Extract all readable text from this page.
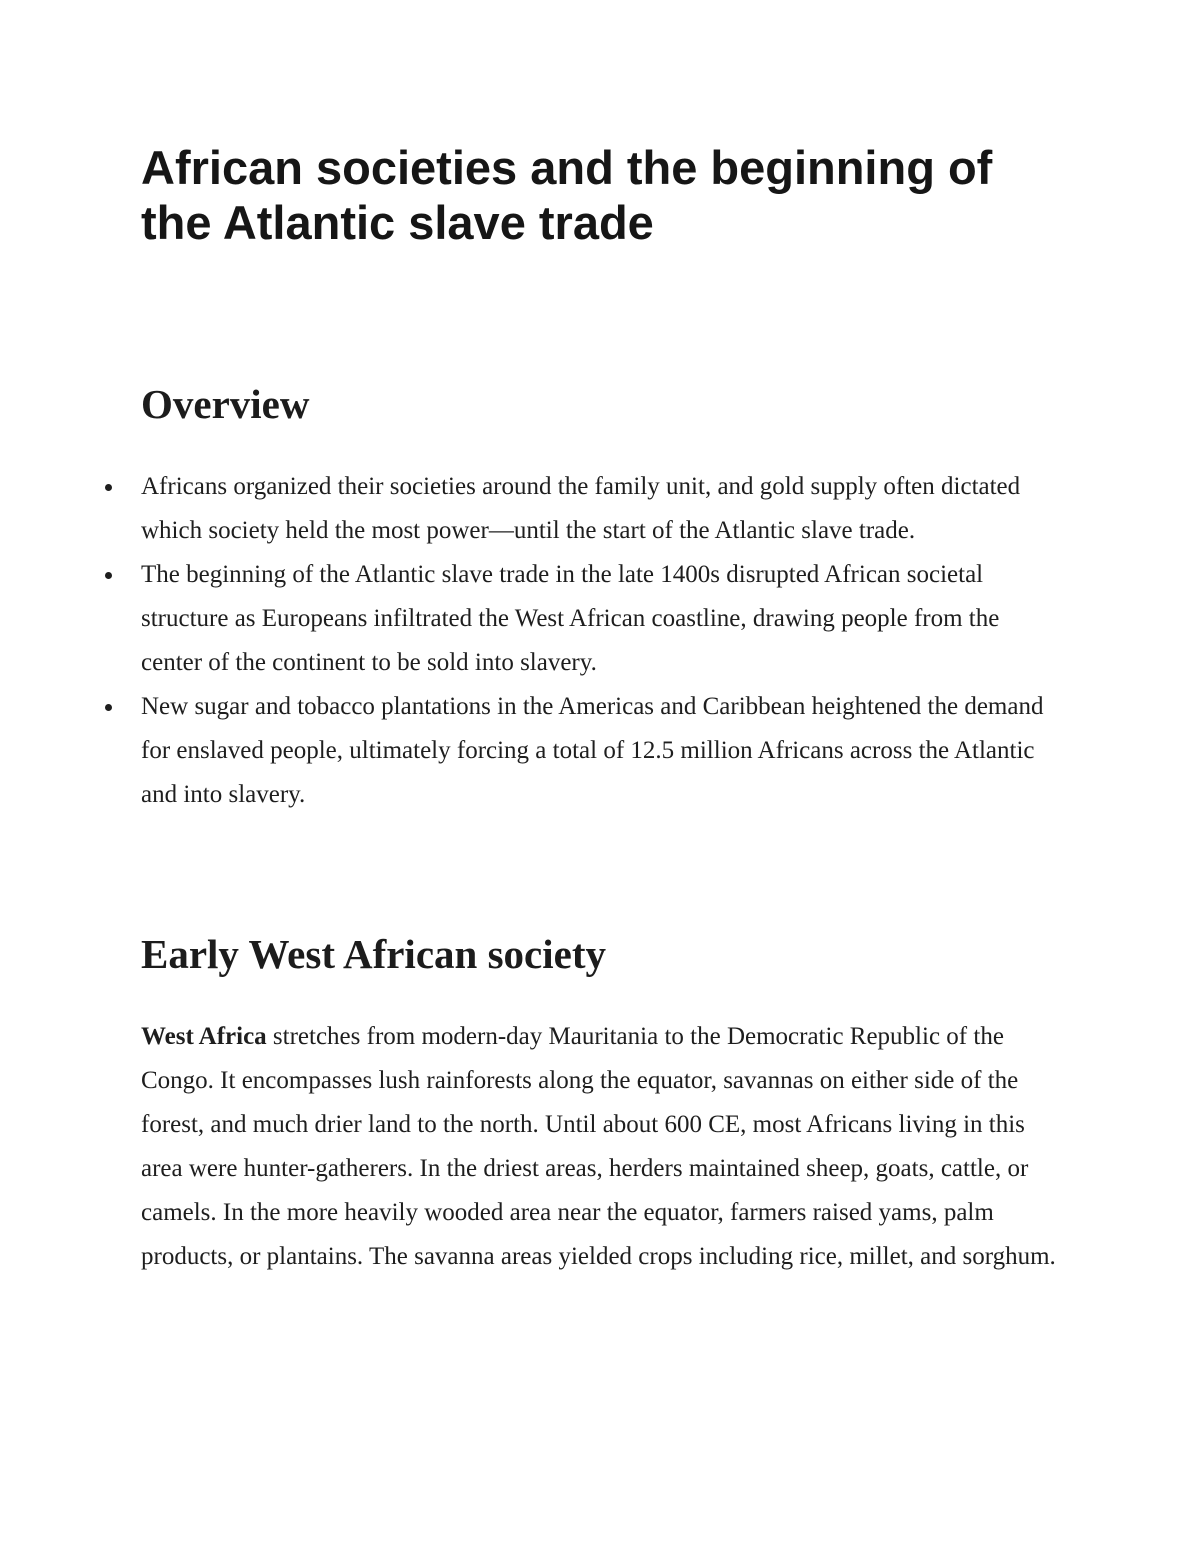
African societies and the beginning of the Atlantic slave trade
Overview
Africans organized their societies around the family unit, and gold supply often dictated which society held the most power—until the start of the Atlantic slave trade.
The beginning of the Atlantic slave trade in the late 1400s disrupted African societal structure as Europeans infiltrated the West African coastline, drawing people from the center of the continent to be sold into slavery.
New sugar and tobacco plantations in the Americas and Caribbean heightened the demand for enslaved people, ultimately forcing a total of 12.5 million Africans across the Atlantic and into slavery.
Early West African society

West Africa stretches from modern-day Mauritania to the Democratic Republic of the Congo. It encompasses lush rainforests along the equator, savannas on either side of the forest, and much drier land to the north. Until about 600 CE, most Africans living in this area were hunter-gatherers. In the driest areas, herders maintained sheep, goats, cattle, or camels. In the more heavily wooded area near the equator, farmers raised yams, palm products, or plantains. The savanna areas yielded crops including rice, millet, and sorghum.
